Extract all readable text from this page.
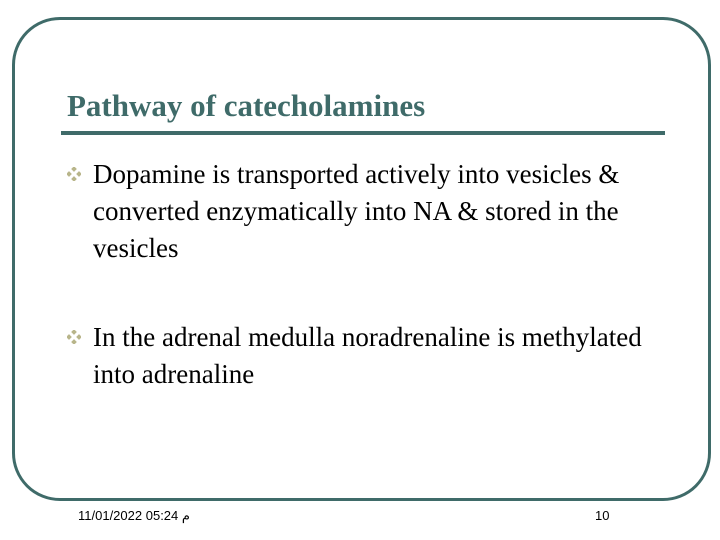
Pathway of catecholamines
Dopamine is transported actively into vesicles & converted enzymatically into NA & stored in the vesicles
In the adrenal medulla noradrenaline is methylated into adrenaline
م 05:24 11/01/2022	10
